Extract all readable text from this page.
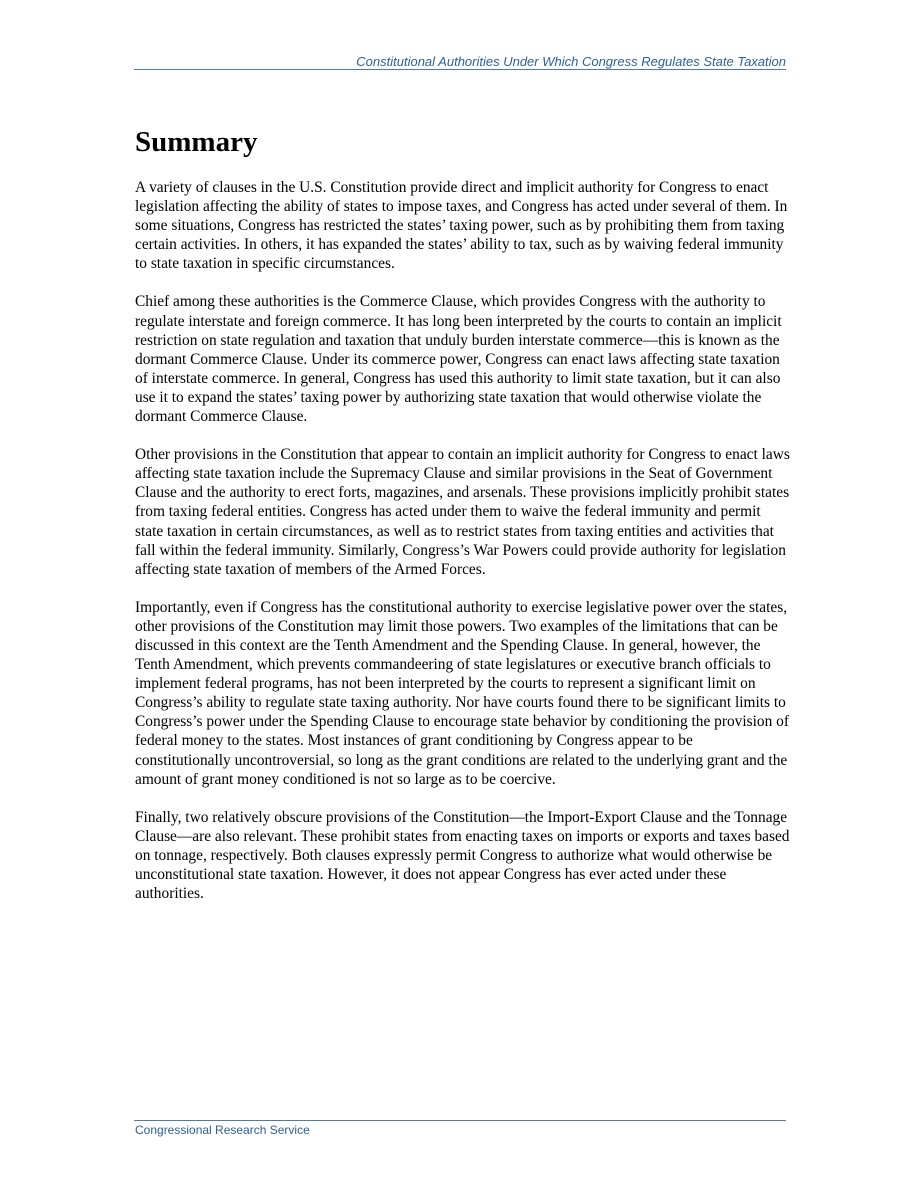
Constitutional Authorities Under Which Congress Regulates State Taxation
Summary

A variety of clauses in the U.S. Constitution provide direct and implicit authority for Congress to enact legislation affecting the ability of states to impose taxes, and Congress has acted under several of them. In some situations, Congress has restricted the states’ taxing power, such as by prohibiting them from taxing certain activities. In others, it has expanded the states’ ability to tax, such as by waiving federal immunity to state taxation in specific circumstances.

Chief among these authorities is the Commerce Clause, which provides Congress with the authority to regulate interstate and foreign commerce. It has long been interpreted by the courts to contain an implicit restriction on state regulation and taxation that unduly burden interstate commerce—this is known as the dormant Commerce Clause. Under its commerce power, Congress can enact laws affecting state taxation of interstate commerce. In general, Congress has used this authority to limit state taxation, but it can also use it to expand the states’ taxing power by authorizing state taxation that would otherwise violate the dormant Commerce Clause.

Other provisions in the Constitution that appear to contain an implicit authority for Congress to enact laws affecting state taxation include the Supremacy Clause and similar provisions in the Seat of Government Clause and the authority to erect forts, magazines, and arsenals. These provisions implicitly prohibit states from taxing federal entities. Congress has acted under them to waive the federal immunity and permit state taxation in certain circumstances, as well as to restrict states from taxing entities and activities that fall within the federal immunity. Similarly, Congress’s War Powers could provide authority for legislation affecting state taxation of members of the Armed Forces.

Importantly, even if Congress has the constitutional authority to exercise legislative power over the states, other provisions of the Constitution may limit those powers. Two examples of the limitations that can be discussed in this context are the Tenth Amendment and the Spending Clause. In general, however, the Tenth Amendment, which prevents commandeering of state legislatures or executive branch officials to implement federal programs, has not been interpreted by the courts to represent a significant limit on Congress’s ability to regulate state taxing authority. Nor have courts found there to be significant limits to Congress’s power under the Spending Clause to encourage state behavior by conditioning the provision of federal money to the states. Most instances of grant conditioning by Congress appear to be constitutionally uncontroversial, so long as the grant conditions are related to the underlying grant and the amount of grant money conditioned is not so large as to be coercive.

Finally, two relatively obscure provisions of the Constitution—the Import-Export Clause and the Tonnage Clause—are also relevant. These prohibit states from enacting taxes on imports or exports and taxes based on tonnage, respectively. Both clauses expressly permit Congress to authorize what would otherwise be unconstitutional state taxation. However, it does not appear Congress has ever acted under these authorities.

Congressional Research Service
